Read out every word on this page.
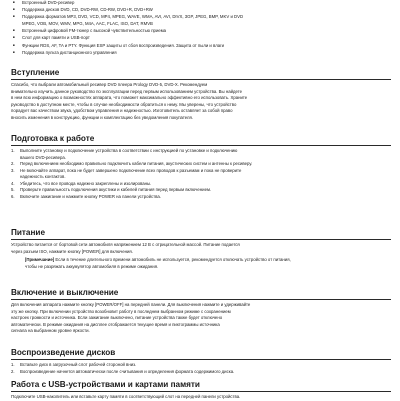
■ Встроенный DVD-ресивер
■ Поддержка дисков DVD, CD, DVD-RW, CD-RW, DVD+R, DVD+RW
■ Поддержка форматов MP3, DVD, VCD, MP4, MPEG, WAVE, WMA, AVI, AVI, DIVX, 3GP, JPEG, BMP, MKV и DVD
MPEG, VOB, MOV, WMV, MPG, M4A, AAC, FLAC, ISO, DAT, RMVB
■ Встроенный цифровой FM-тюнер с высокой чувствительностью приема
■ Слот для карт памяти и USB-порт
■ Функции RDS, AF, TA и PTY. Функция ESP защиты от сбоя воспроизведения. Защита от пыли и влаги
■ Поддержка пульта дистанционного управления
Вступление

Спасибо, что выбрали автомобильный ресивер DVD плеера Prology DVD-5, DVD-X. Рекомендуем

внимательно изучить данное руководство по эксплуатации перед первым использованием устройства. Вы найдете

в нем всю информацию о возможностях аппарата, что поможет максимально эффективно его использовать. Храните

руководство в доступном месте, чтобы в случае необходимости обратиться к нему. Мы уверены, что устройство

порадует вас качеством звука, удобством управления и надежностью. Изготовитель оставляет за собой право

вносить изменения в конструкцию, функции и комплектацию без уведомления покупателя.

Подготовка к работе
1. Выполните установку и подключение устройства в соответствии с инструкцией по установке и подключению
вашего DVD-ресивера.
2. Перед включением необходимо правильно подключить кабели питания, акустических систем и антенны к ресиверу.
3. Не включайте аппарат, пока не будет завершено подключение всех проводов к разъемам и пока не проверите
надежность контактов.
4. Убедитесь, что все провода надежно закреплены и изолированы.
5. Проверьте правильность подключения акустики и кабелей питания перед первым включением.
6. Включите зажигание и нажмите кнопку POWER на панели устройства.
Питание

Устройство питается от бортовой сети автомобиля напряжением 12 В с отрицательной массой. Питание подается

через разъем ISO, нажмите кнопку [POWER] для включения.

[Примечание] Если в течение длительного времени автомобиль не используется, рекомендуется отключать устройство от питания,

чтобы не разряжать аккумулятор автомобиля в режиме ожидания.

Включение и выключение

Для включения аппарата нажмите кнопку [POWER/OFF] на передней панели. Для выключения нажмите и удерживайте

эту же кнопку. При включении устройство возобновит работу в последнем выбранном режиме с сохранением

настроек громкости и источника. Если зажигание выключено, питание устройства также будет отключено

автоматически. В режиме ожидания на дисплее отображается текущее время и пиктограммы источника

сигнала на выбранном уровне яркости.

Воспроизведение дисков
1. Вставьте диск в загрузочный слот рабочей стороной вниз.
2. Воспроизведение начнется автоматически после считывания и определения формата содержимого диска.
Работа с USB-устройствами и картами памяти

Подключите USB-накопитель или вставьте карту памяти в соответствующий слот на передней панели устройства.
